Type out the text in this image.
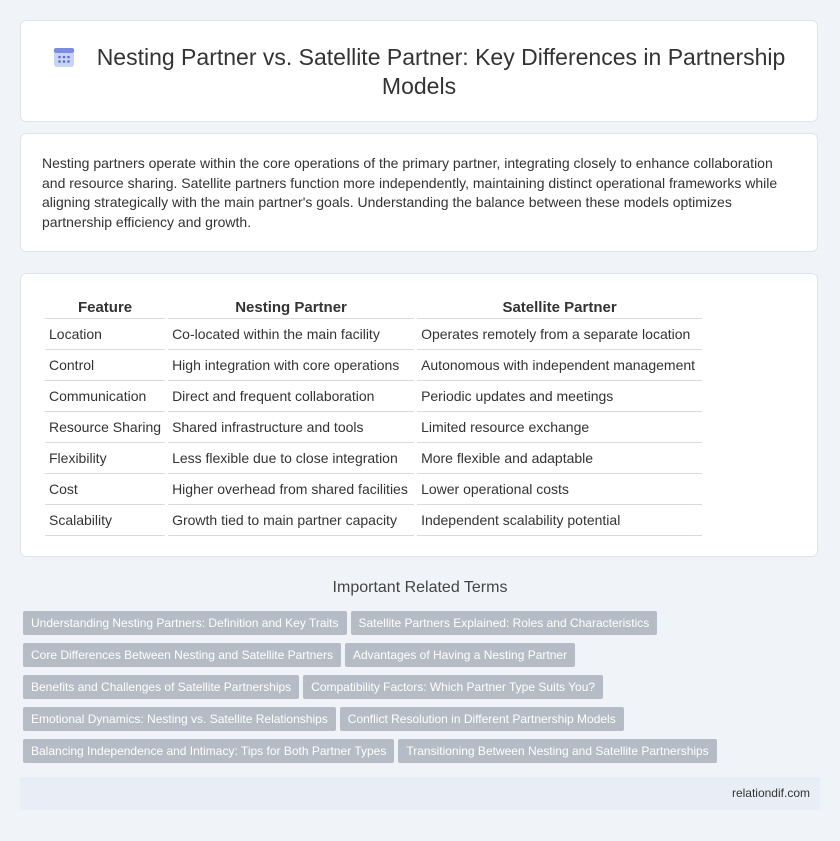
Nesting Partner vs. Satellite Partner: Key Differences in Partnership Models

Nesting partners operate within the core operations of the primary partner, integrating closely to enhance collaboration and resource sharing. Satellite partners function more independently, maintaining distinct operational frameworks while aligning strategically with the main partner's goals. Understanding the balance between these models optimizes partnership efficiency and growth.

Feature	Nesting Partner	Satellite Partner
Location	Co-located within the main facility	Operates remotely from a separate location
Control	High integration with core operations	Autonomous with independent management
Communication	Direct and frequent collaboration	Periodic updates and meetings
Resource Sharing	Shared infrastructure and tools	Limited resource exchange
Flexibility	Less flexible due to close integration	More flexible and adaptable
Cost	Higher overhead from shared facilities	Lower operational costs
Scalability	Growth tied to main partner capacity	Independent scalability potential
Important Related Terms
Understanding Nesting Partners: Definition and Key Traits Satellite Partners Explained: Roles and Characteristics
Core Differences Between Nesting and Satellite Partners Advantages of Having a Nesting Partner
Benefits and Challenges of Satellite Partnerships Compatibility Factors: Which Partner Type Suits You?
Emotional Dynamics: Nesting vs. Satellite Relationships Conflict Resolution in Different Partnership Models
Balancing Independence and Intimacy: Tips for Both Partner Types Transitioning Between Nesting and Satellite Partnerships
relationdif.com
